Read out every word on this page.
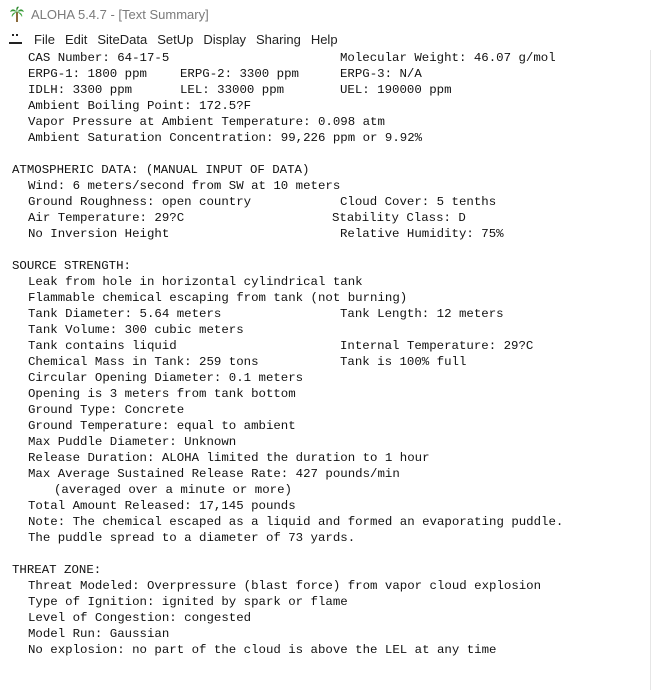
ALOHA 5.4.7 - [Text Summary]
File Edit SiteData SetUp Display Sharing Help
CAS Number: 64-17-5	Molecular Weight: 46.07 g/mol
ERPG-1: 1800 ppm	ERPG-2: 3300 ppm	ERPG-3: N/A
IDLH: 3300 ppm	LEL: 33000 ppm	UEL: 190000 ppm
Ambient Boiling Point: 172.5?F
Vapor Pressure at Ambient Temperature: 0.098 atm
Ambient Saturation Concentration: 99,226 ppm or 9.92%
ATMOSPHERIC DATA: (MANUAL INPUT OF DATA)
Wind: 6 meters/second from SW at 10 meters
Ground Roughness: open country	Cloud Cover: 5 tenths
Air Temperature: 29?C	Stability Class: D
No Inversion Height	Relative Humidity: 75%
SOURCE STRENGTH:
Leak from hole in horizontal cylindrical tank
Flammable chemical escaping from tank (not burning)
Tank Diameter: 5.64 meters	Tank Length: 12 meters
Tank Volume: 300 cubic meters
Tank contains liquid	Internal Temperature: 29?C
Chemical Mass in Tank: 259 tons	Tank is 100% full
Circular Opening Diameter: 0.1 meters
Opening is 3 meters from tank bottom
Ground Type: Concrete
Ground Temperature: equal to ambient
Max Puddle Diameter: Unknown
Release Duration: ALOHA limited the duration to 1 hour
Max Average Sustained Release Rate: 427 pounds/min
(averaged over a minute or more)
Total Amount Released: 17,145 pounds
Note: The chemical escaped as a liquid and formed an evaporating puddle.
The puddle spread to a diameter of 73 yards.
THREAT ZONE:
Threat Modeled: Overpressure (blast force) from vapor cloud explosion
Type of Ignition: ignited by spark or flame
Level of Congestion: congested
Model Run: Gaussian
No explosion: no part of the cloud is above the LEL at any time
